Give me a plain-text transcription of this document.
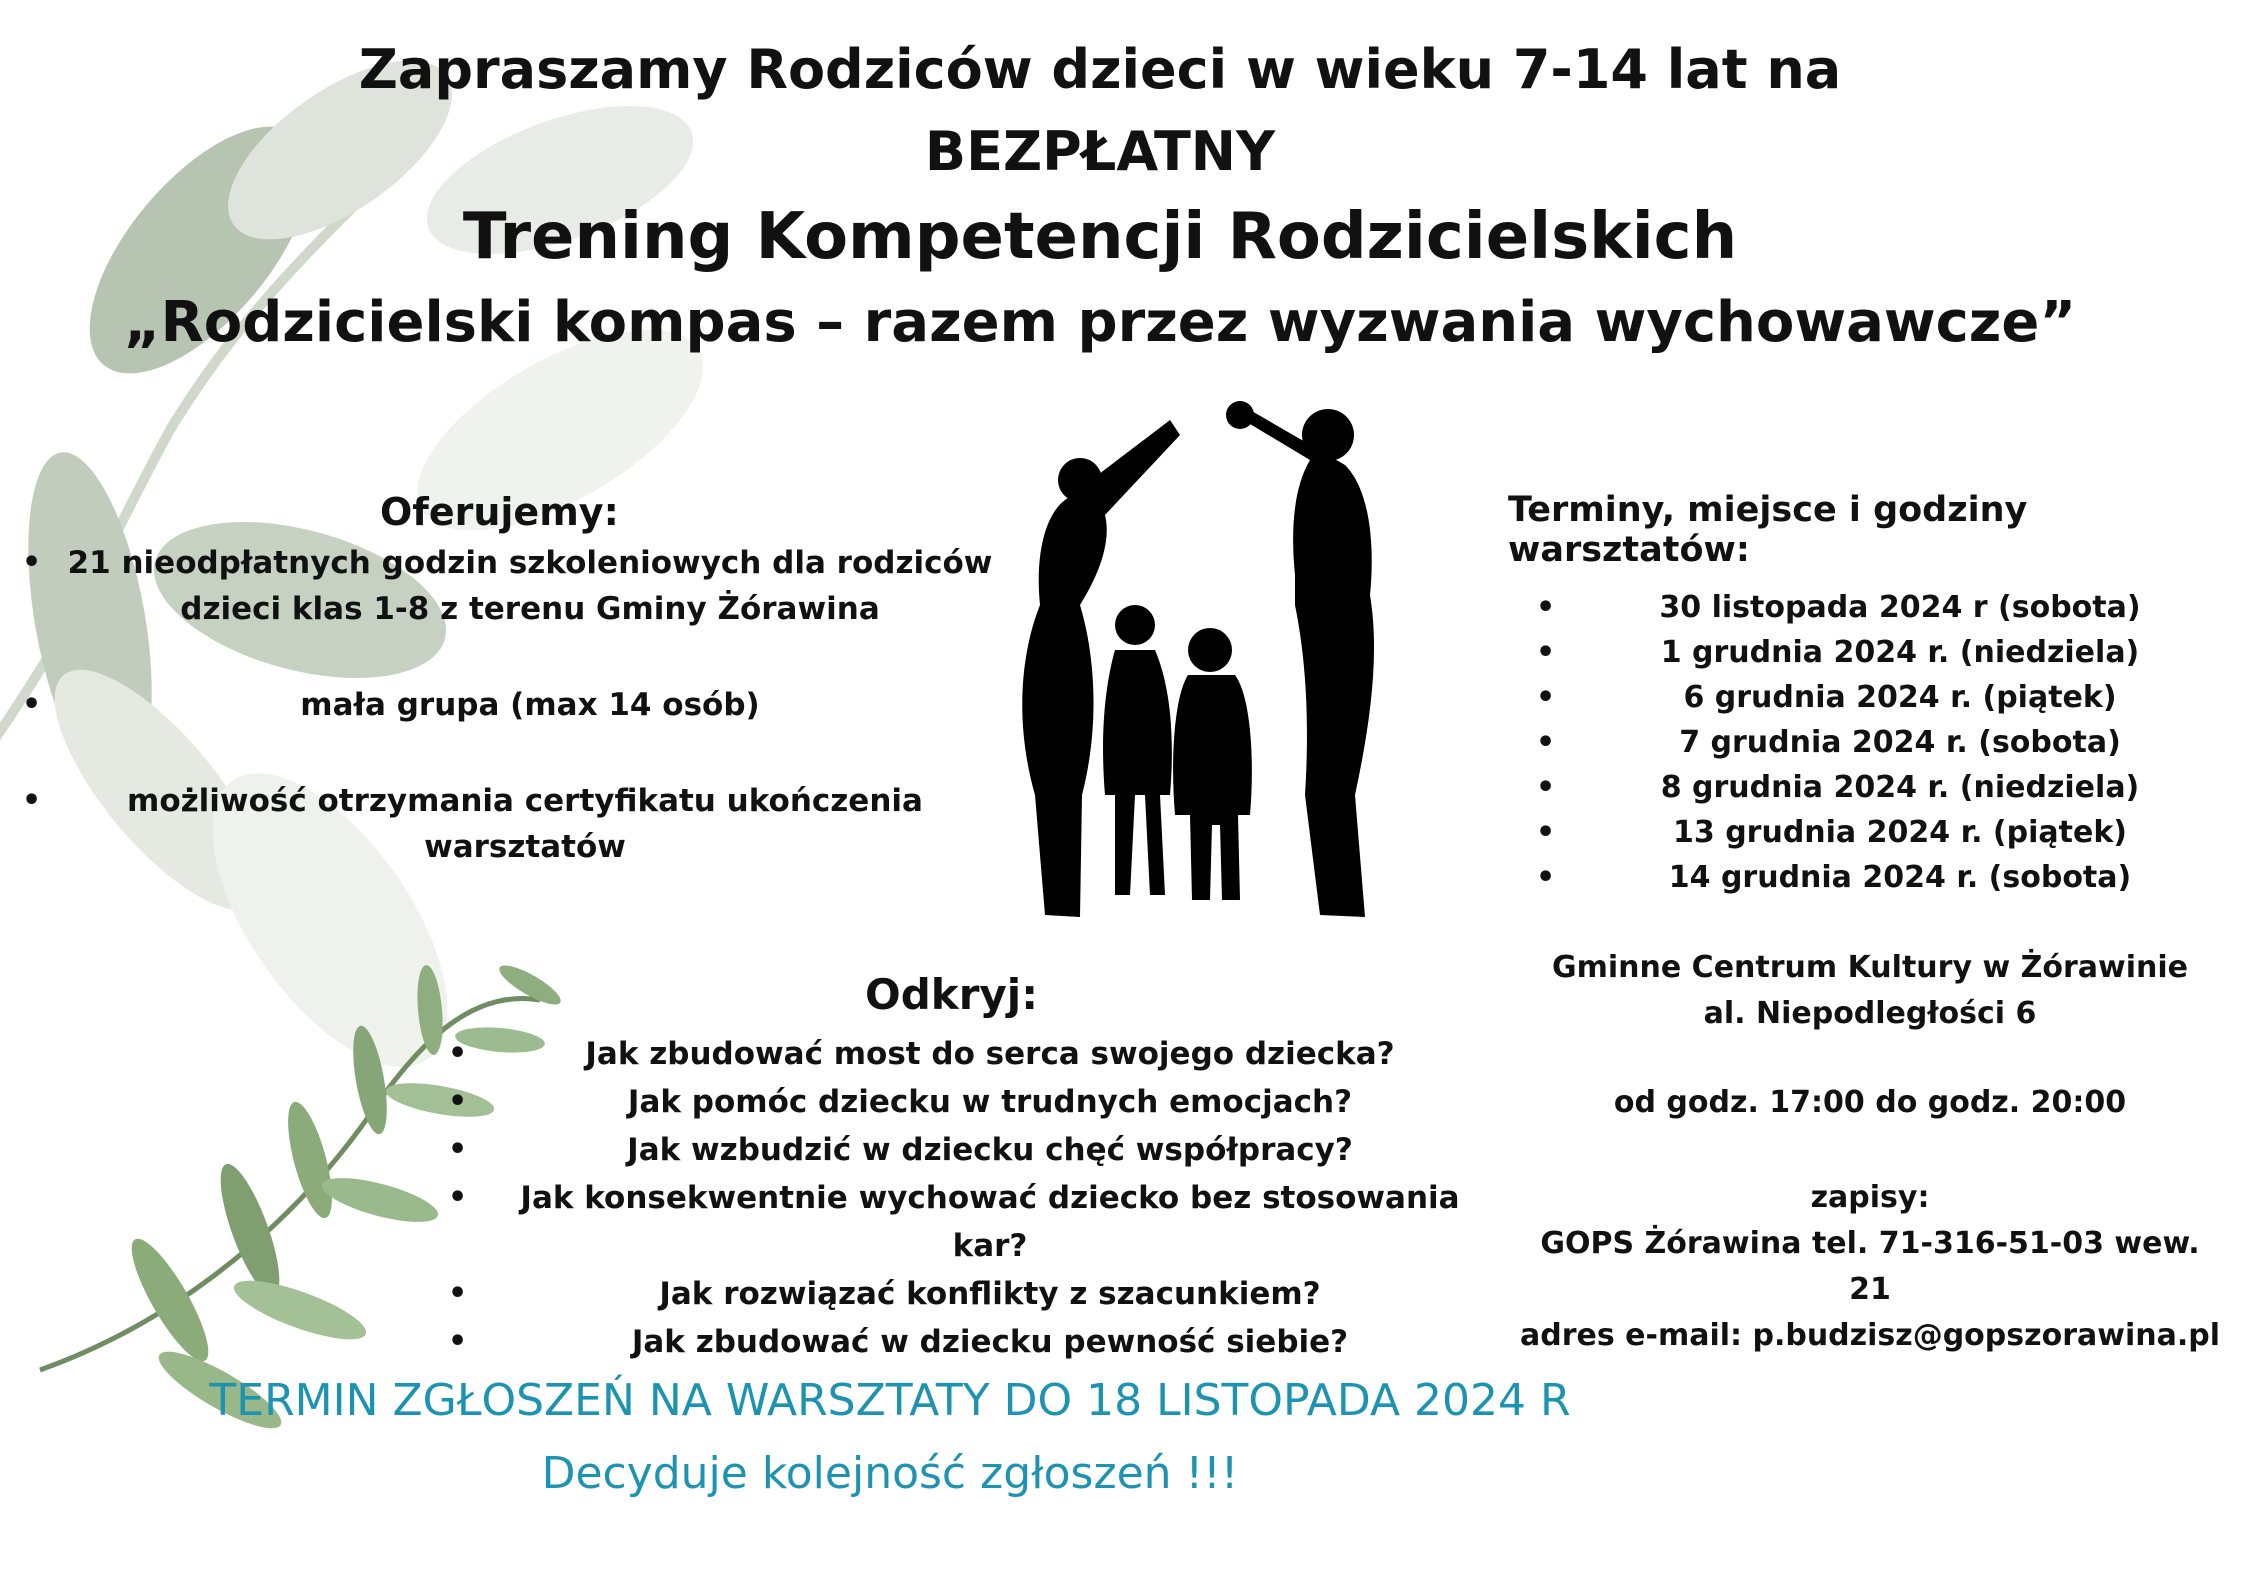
Zapraszamy Rodziców dzieci w wieku 7-14 lat na
BEZPŁATNY
Trening Kompetencji Rodzicielskich
„Rodzicielski kompas – razem przez wyzwania wychowawcze”
Oferujemy:
• 21 nieodpłatnych godzin szkoleniowych dla rodziców dzieci klas 1-8 z terenu Gminy Żórawina
•	mała grupa (max 14 osób)
•	możliwość otrzymania certyfikatu ukończenia warsztatów
Terminy, miejsce i godziny warsztatów:
•	30 listopada 2024 r (sobota)
•	1 grudnia 2024 r. (niedziela)
•	6 grudnia 2024 r. (piątek)
•	7 grudnia 2024 r. (sobota)
•	8 grudnia 2024 r. (niedziela)
•	13 grudnia 2024 r. (piątek)
•	14 grudnia 2024 r. (sobota)
Gminne Centrum Kultury w Żórawinie
al. Niepodległości 6
od godz. 17:00 do godz. 20:00
zapisy:
GOPS Żórawina tel. 71-316-51-03 wew. 21
adres e-mail: p.budzisz@gopszorawina.pl
Odkryj:
•	Jak zbudować most do serca swojego dziecka?
•	Jak pomóc dziecku w trudnych emocjach?
•	Jak wzbudzić w dziecku chęć współpracy?
• Jak konsekwentnie wychować dziecko bez stosowania kar?
•	Jak rozwiązać konflikty z szacunkiem?
•	Jak zbudować w dziecku pewność siebie?
TERMIN ZGŁOSZEŃ NA WARSZTATY DO 18 LISTOPADA 2024 R
Decyduje kolejność zgłoszeń !!!
